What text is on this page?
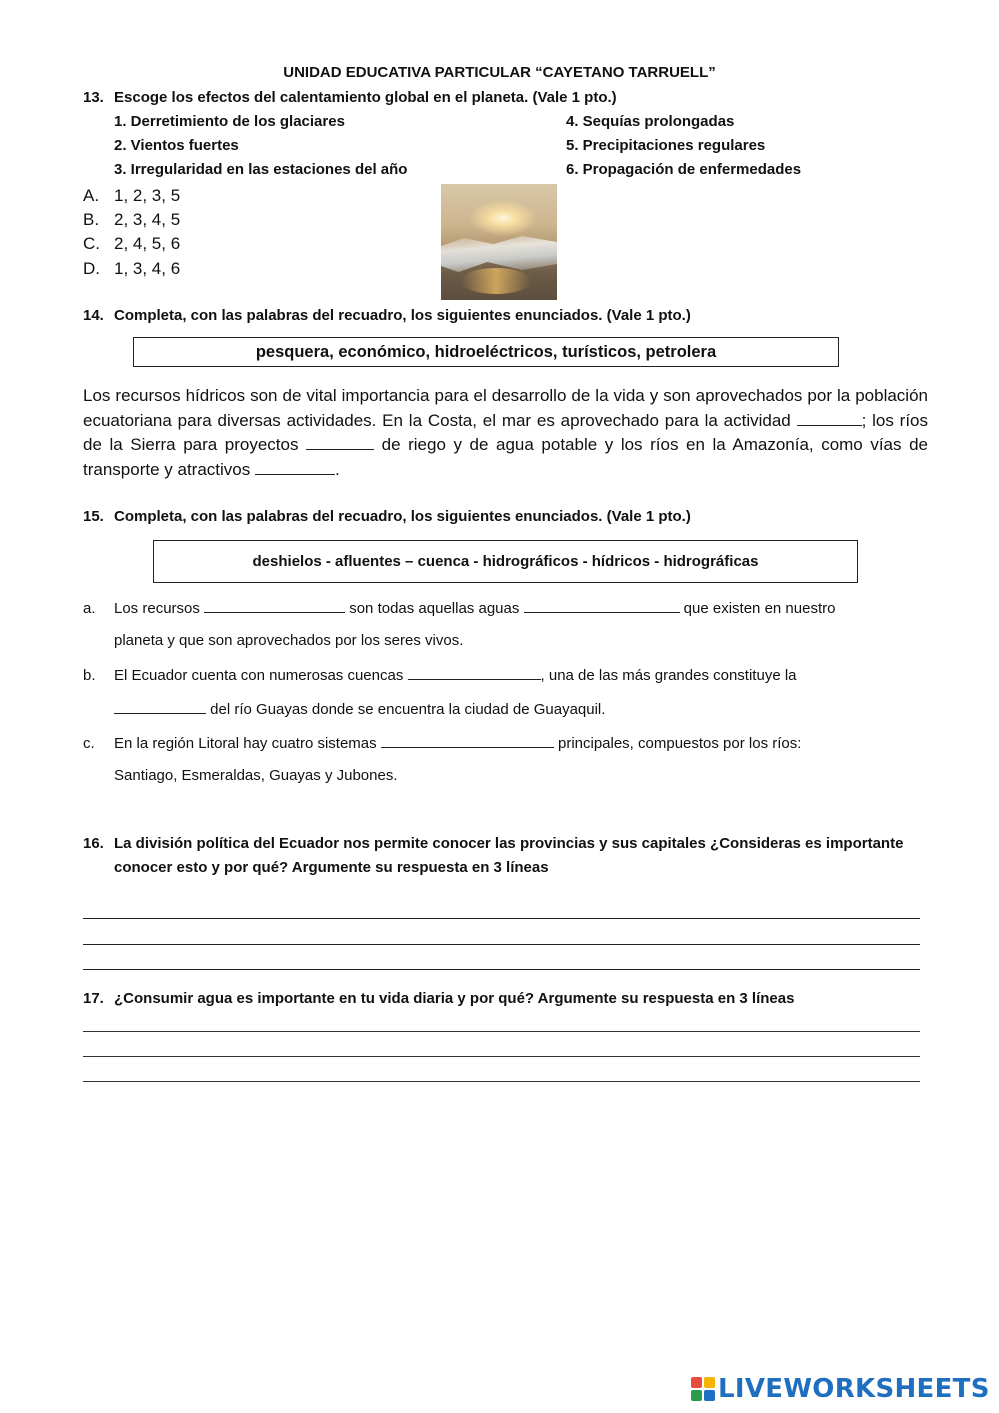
UNIDAD EDUCATIVA PARTICULAR “CAYETANO TARRUELL”
13. Escoge los efectos del calentamiento global en el planeta. (Vale 1 pto.)
1. Derretimiento de los glaciares
2. Vientos fuertes
3. Irregularidad en las estaciones del año
4. Sequías prolongadas
5. Precipitaciones regulares
6. Propagación de enfermedades
A. 1, 2, 3, 5
B. 2, 3, 4, 5
C. 2, 4, 5, 6
D. 1, 3, 4, 6
14. Completa, con las palabras del recuadro, los siguientes enunciados. (Vale 1 pto.)
pesquera, económico, hidroeléctricos, turísticos, petrolera
Los recursos hídricos son de vital importancia para el desarrollo de la vida y son aprovechados por la población ecuatoriana para diversas actividades. En la Costa, el mar es aprovechado para la actividad	; los ríos de la Sierra para proyectos	de riego y de agua potable y los ríos en la Amazonía, como vías de transporte y atractivos	.
15. Completa, con las palabras del recuadro, los siguientes enunciados. (Vale 1 pto.)
deshielos - afluentes – cuenca - hidrográficos - hídricos - hidrográficas
a. Los recursos	son todas aquellas aguas	que existen en nuestro
planeta y que son aprovechados por los seres vivos.
b. El Ecuador cuenta con numerosas cuencas	, una de las más grandes constituye la
del río Guayas donde se encuentra la ciudad de Guayaquil.
c. En la región Litoral hay cuatro sistemas	principales, compuestos por los ríos:
Santiago, Esmeraldas, Guayas y Jubones.
16. La división política del Ecuador nos permite conocer las provincias y sus capitales ¿Consideras es importante
conocer esto y por qué? Argumente su respuesta en 3 líneas
17. ¿Consumir agua es importante en tu vida diaria y por qué? Argumente su respuesta en 3 líneas
LIVEWORKSHEETS
